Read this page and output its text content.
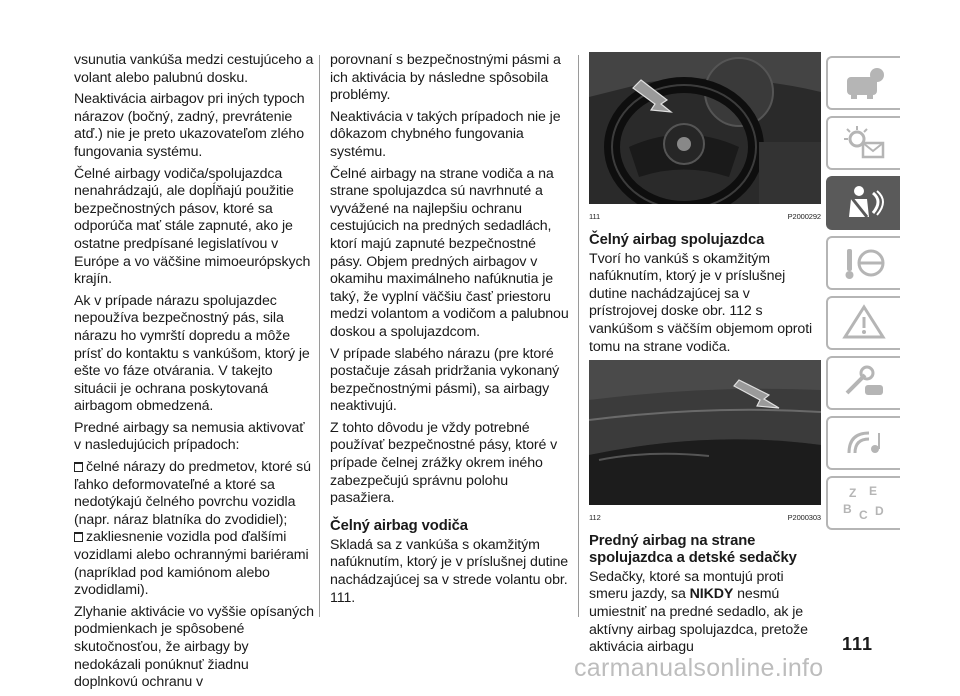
vsunutia vankúša medzi cestujúceho a volant alebo palubnú dosku.

Neaktivácia airbagov pri iných typoch nárazov (bočný, zadný, prevrátenie atď.) nie je preto ukazovateľom zlého fungovania systému.

Čelné airbagy vodiča/spolujazdca nenahrádzajú, ale dopĺňajú použitie bezpečnostných pásov, ktoré sa odporúča mať stále zapnuté, ako je ostatne predpísané legislatívou v Európe a vo väčšine mimoeurópskych krajín.

Ak v prípade nárazu spolujazdec nepoužíva bezpečnostný pás, sila nárazu ho vymrští dopredu a môže prísť do kontaktu s vankúšom, ktorý je ešte vo fáze otvárania. V takejto situácii je ochrana poskytovaná airbagom obmedzená.

Predné airbagy sa nemusia aktivovať v nasledujúcich prípadoch:

čelné nárazy do predmetov, ktoré sú ľahko deformovateľné a ktoré sa nedotýkajú čelného povrchu vozidla (napr. náraz blatníka do zvodidiel);
zakliesnenie vozidla pod ďalšími vozidlami alebo ochrannými bariérami (napríklad pod kamiónom alebo zvodidlami).

Zlyhanie aktivácie vo vyššie opísaných podmienkach je spôsobené skutočnosťou, že airbagy by nedokázali ponúknuť žiadnu doplnkovú ochranu v

porovnaní s bezpečnostnými pásmi a ich aktivácia by následne spôsobila problémy.

Neaktivácia v takých prípadoch nie je dôkazom chybného fungovania systému.

Čelné airbagy na strane vodiča a na strane spolujazdca sú navrhnuté a vyvážené na najlepšiu ochranu cestujúcich na predných sedadlách, ktorí majú zapnuté bezpečnostné pásy. Objem predných airbagov v okamihu maximálneho nafúknutia je taký, že vyplní väčšiu časť priestoru medzi volantom a vodičom a palubnou doskou a spolujazdcom.

V prípade slabého nárazu (pre ktoré postačuje zásah pridržania vykonaný bezpečnostnými pásmi), sa airbagy neaktivujú.

Z tohto dôvodu je vždy potrebné používať bezpečnostné pásy, ktoré v prípade čelnej zrážky okrem iného zabezpečujú správnu polohu pasažiera.

Čelný airbag vodiča

Skladá sa z vankúša s okamžitým nafúknutím, ktorý je v príslušnej dutine nachádzajúcej sa v strede volantu obr. 111.

111	P2000292
Čelný airbag spolujazdca

Tvorí ho vankúš s okamžitým nafúknutím, ktorý je v príslušnej dutine nachádzajúcej sa v prístrojovej doske obr. 112 s vankúšom s väčším objemom oproti tomu na strane vodiča.

112	P2000303
Predný airbag na strane spolujazdca a detské sedačky

Sedačky, ktoré sa montujú proti smeru jazdy, sa NIKDY nesmú umiestniť na predné sedadlo, ak je aktívny airbag spolujazdca, pretože aktivácia airbagu

Z E
B C D
111
carmanualsonline.info
